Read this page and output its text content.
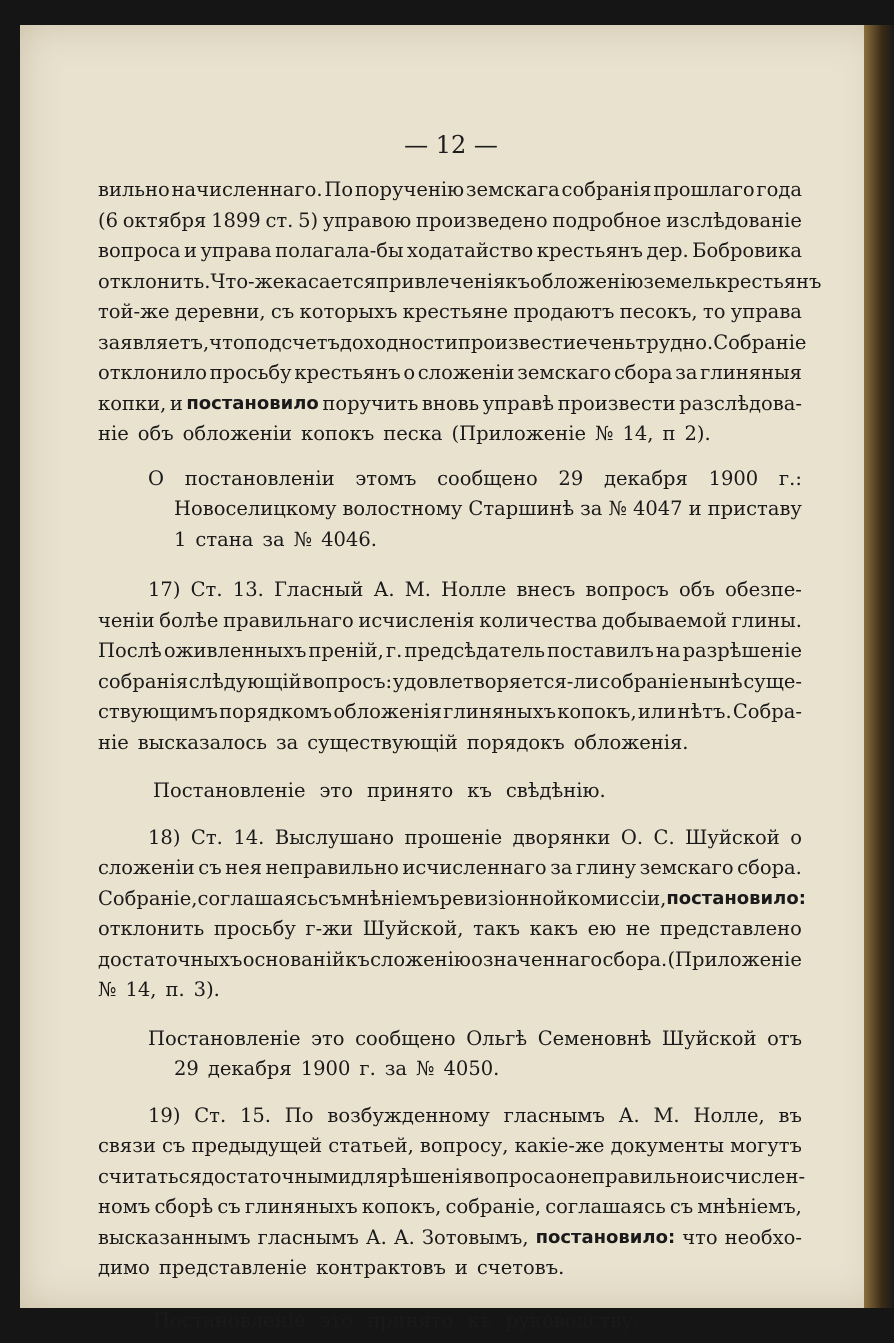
— 12 —
вильно начисленнаго. По порученію земскага собранія прошлаго года
(6 октября 1899 ст. 5) управою произведено подробное изслѣдованіе
вопроса и управа полагала-бы ходатайство крестьянъ дер. Бобровика
отклонить. Что-же касается привлеченія къ обложенію земель крестьянъ
той-же деревни, съ которыхъ крестьяне продаютъ песокъ, то управа
заявляетъ, что подсчетъ доходности произвести ечень трудно. Собраніе
отклонило просьбу крестьянъ о сложеніи земскаго сбора за глиняныя
копки, и постановило поручить вновь управѣ произвести разслѣдова-
ніе объ обложеніи копокъ песка (Приложеніе № 14, п 2).
О постановленіи этомъ сообщено 29 декабря 1900 г.:
Новоселицкому волостному Старшинѣ за № 4047 и приставу
1 стана за № 4046.
17) Ст. 13. Гласный А. М. Нолле внесъ вопросъ объ обезпе-
ченіи болѣе правильнаго исчисленія количества добываемой глины.
Послѣ оживленныхъ преній, г. предсѣдатель поставилъ на разрѣшеніе
собранія слѣдующій вопросъ: удовлетворяется-ли собраніе нынѣ суще-
ствующимъ порядкомъ обложенія глиняныхъ копокъ, или нѣтъ. Собра-
ніе высказалось за существующій порядокъ обложенія.
Постановленіе это принято къ свѣдѣнію.
18) Ст. 14. Выслушано прошеніе дворянки О. С. Шуйской о
сложеніи съ нея неправильно исчисленнаго за глину земскаго сбора.
Собраніе, соглашаясь съ мнѣніемъ ревизіонной комиссіи, постановило:
отклонить просьбу г-жи Шуйской, такъ какъ ею не представлено
достаточныхъ основаній къ сложенію означеннаго сбора. (Приложеніе
№ 14, п. 3).
Постановленіе это сообщено Ольгѣ Семеновнѣ Шуйской отъ
29 декабря 1900 г. за № 4050.
19) Ст. 15. По возбужденному гласнымъ А. М. Нолле, въ
связи съ предыдущей статьей, вопросу, какіе-же документы могутъ
считаться достаточными для рѣшенія вопроса о неправильно исчислен-
номъ сборѣ съ глиняныхъ копокъ, собраніе, соглашаясь съ мнѣніемъ,
высказаннымъ гласнымъ А. А. Зотовымъ, постановило: что необхо-
димо представленіе контрактовъ и счетовъ.
Постановленіе это принято къ руководству.
